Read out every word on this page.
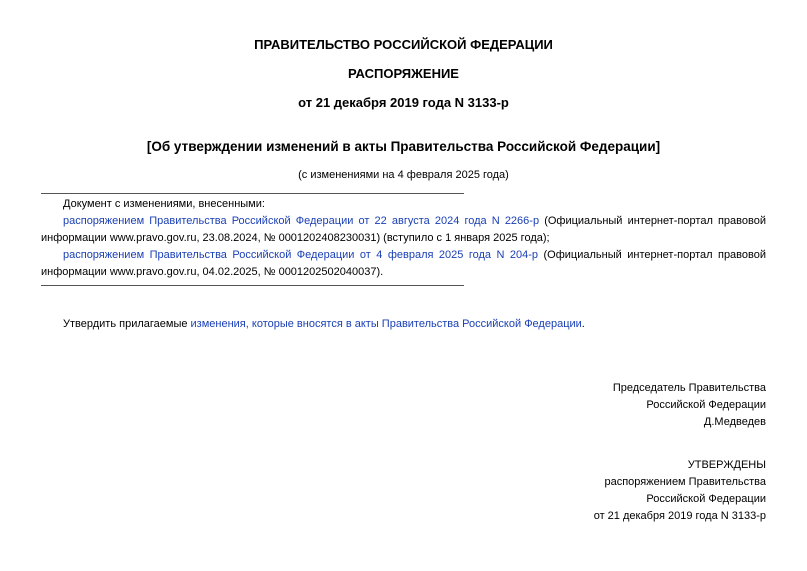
ПРАВИТЕЛЬСТВО РОССИЙСКОЙ ФЕДЕРАЦИИ
РАСПОРЯЖЕНИЕ
от 21 декабря 2019 года N 3133-р
[Об утверждении изменений в акты Правительства Российской Федерации]
(с изменениями на 4 февраля 2025 года)

Документ с изменениями, внесенными:

распоряжением Правительства Российской Федерации от 22 августа 2024 года N 2266-р (Официальный интернет-портал правовой информации www.pravo.gov.ru, 23.08.2024, № 0001202408230031) (вступило с 1 января 2025 года);

распоряжением Правительства Российской Федерации от 4 февраля 2025 года N 204-р (Официальный интернет-портал правовой информации www.pravo.gov.ru, 04.02.2025, № 0001202502040037).

Утвердить прилагаемые изменения, которые вносятся в акты Правительства Российской Федерации.
Председатель Правительства
Российской Федерации
Д.Медведев
УТВЕРЖДЕНЫ
распоряжением Правительства
Российской Федерации
от 21 декабря 2019 года N 3133-р
